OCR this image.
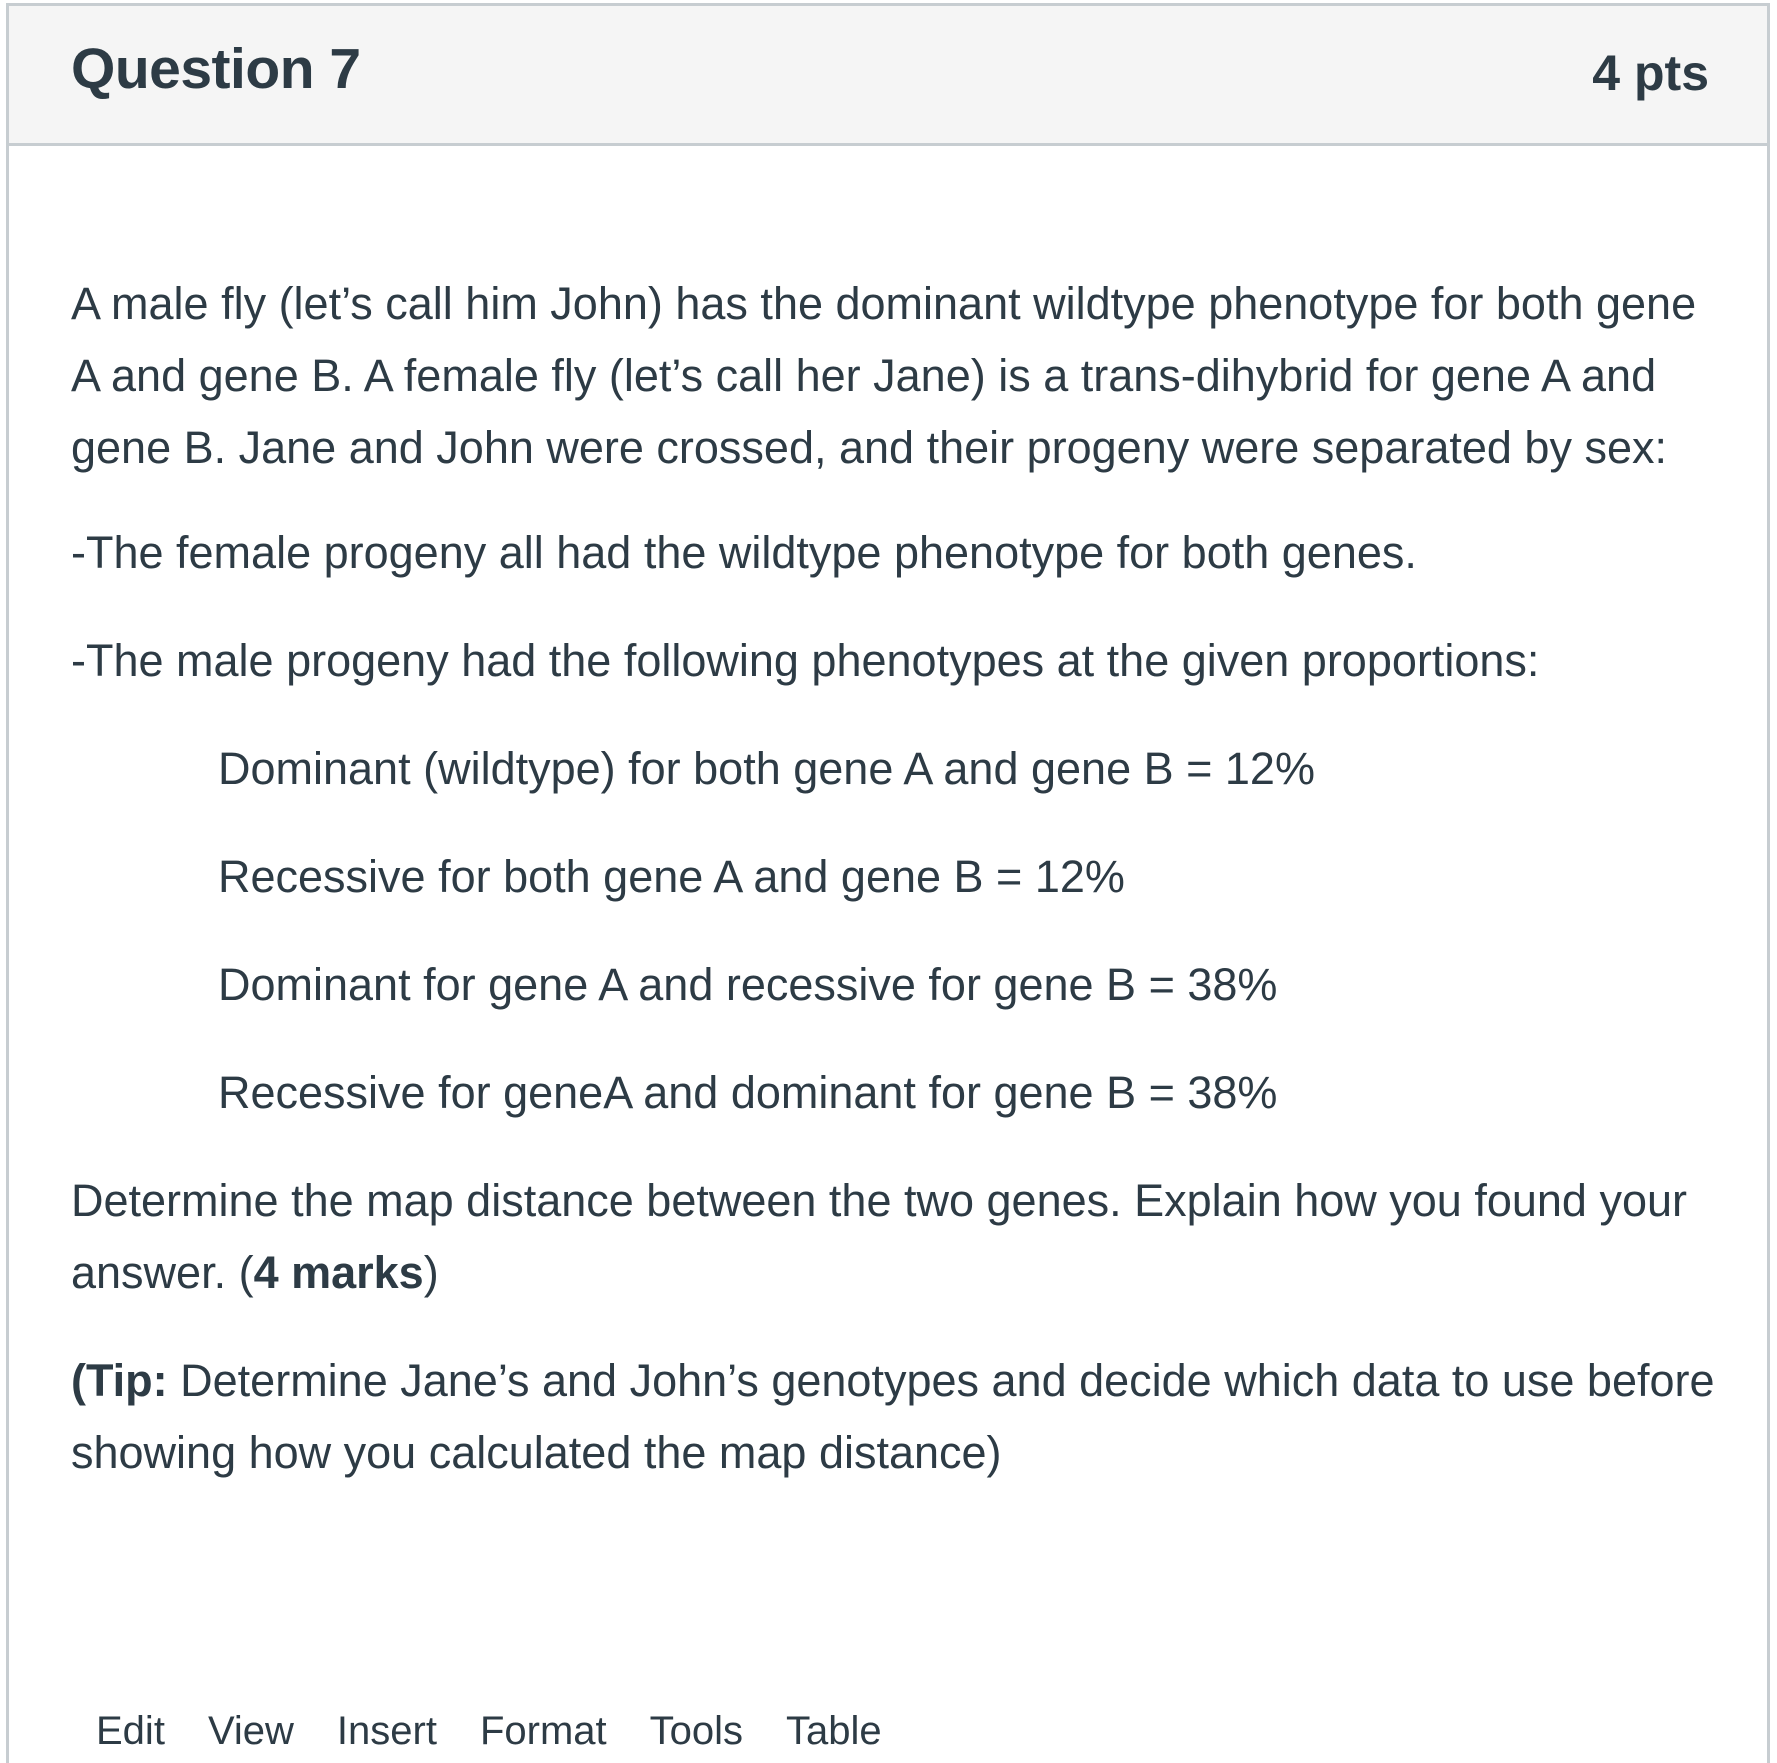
Question 7	4 pts

A male fly (let’s call him John) has the dominant wildtype phenotype for both gene A and gene B. A female fly (let’s call her Jane) is a trans-dihybrid for gene A and gene B. Jane and John were crossed, and their progeny were separated by sex:

-The female progeny all had the wildtype phenotype for both genes.

-The male progeny had the following phenotypes at the given proportions:

Dominant (wildtype) for both gene A and gene B = 12%
Recessive for both gene A and gene B = 12%
Dominant for gene A and recessive for gene B = 38%
Recessive for geneA and dominant for gene B = 38%

Determine the map distance between the two genes. Explain how you found your answer. (4 marks)

(Tip: Determine Jane’s and John’s genotypes and decide which data to use before showing how you calculated the map distance)

Edit View Insert Format Tools Table
